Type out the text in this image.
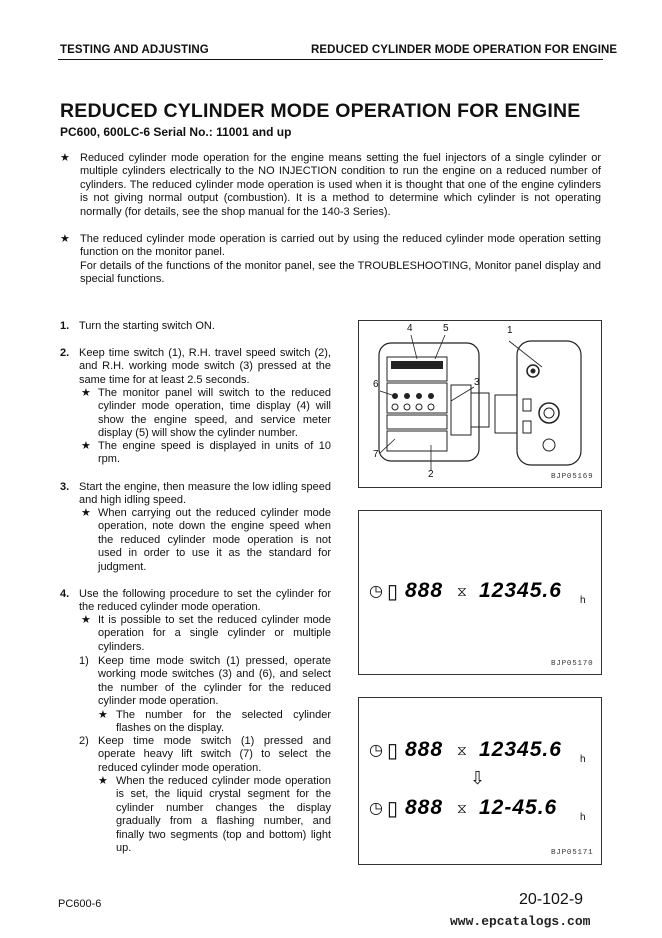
TESTING AND ADJUSTING	REDUCED CYLINDER MODE OPERATION FOR ENGINE
REDUCED CYLINDER MODE OPERATION FOR ENGINE
PC600, 600LC-6 Serial No.: 11001 and up
★ Reduced cylinder mode operation for the engine means setting the fuel injectors of a single cylinder or multiple cylinders electrically to the NO INJECTION condition to run the engine on a reduced number of cylinders. The reduced cylinder mode operation is used when it is thought that one of the engine cylinders is not giving normal output (combustion). It is a method to determine which cylinder is not operating normally (for details, see the shop manual for the 140-3 Series).
★ The reduced cylinder mode operation is carried out by using the reduced cylinder mode operation setting function on the monitor panel.
For details of the functions of the monitor panel, see the TROUBLESHOOTING, Monitor panel display and special functions.
1. Turn the starting switch ON.
2. Keep time switch (1), R.H. travel speed switch (2), and R.H. working mode switch (3) pressed at the same time for at least 2.5 seconds.
★ The monitor panel will switch to the reduced cylinder mode operation, time display (4) will show the engine speed, and service meter display (5) will show the cylinder number.
★ The engine speed is displayed in units of 10 rpm.
3. Start the engine, then measure the low idling speed and high idling speed.
★ When carrying out the reduced cylinder mode operation, note down the engine speed when the reduced cylinder mode operation is not used in order to use it as the standard for judgment.
4. Use the following procedure to set the cylinder for the reduced cylinder mode operation.
★ It is possible to set the reduced cylinder mode operation for a single cylinder or multiple cylinders.
1) Keep time mode switch (1) pressed, operate working mode switches (3) and (6), and select the number of the cylinder for the reduced cylinder mode operation.
★ The number for the selected cylinder flashes on the display.
2) Keep time mode switch (1) pressed and operate heavy lift switch (7) to select the reduced cylinder mode operation.
★ When the reduced cylinder mode operation is set, the liquid crystal segment for the cylinder number changes the display gradually from a flashing number, and finally two segments (top and bottom) light up.
4	5	1
6	3
7
2	BJP05169
◷ ▯ 888 ⧖ 12345.6 h
BJP05170
◷ ▯ 888 ⧖ 12345.6 h
⇩
◷ ▯ 888 ⧖ 12-45.6 h
BJP05171
PC600-6	20-102-9
www.epcatalogs.com
